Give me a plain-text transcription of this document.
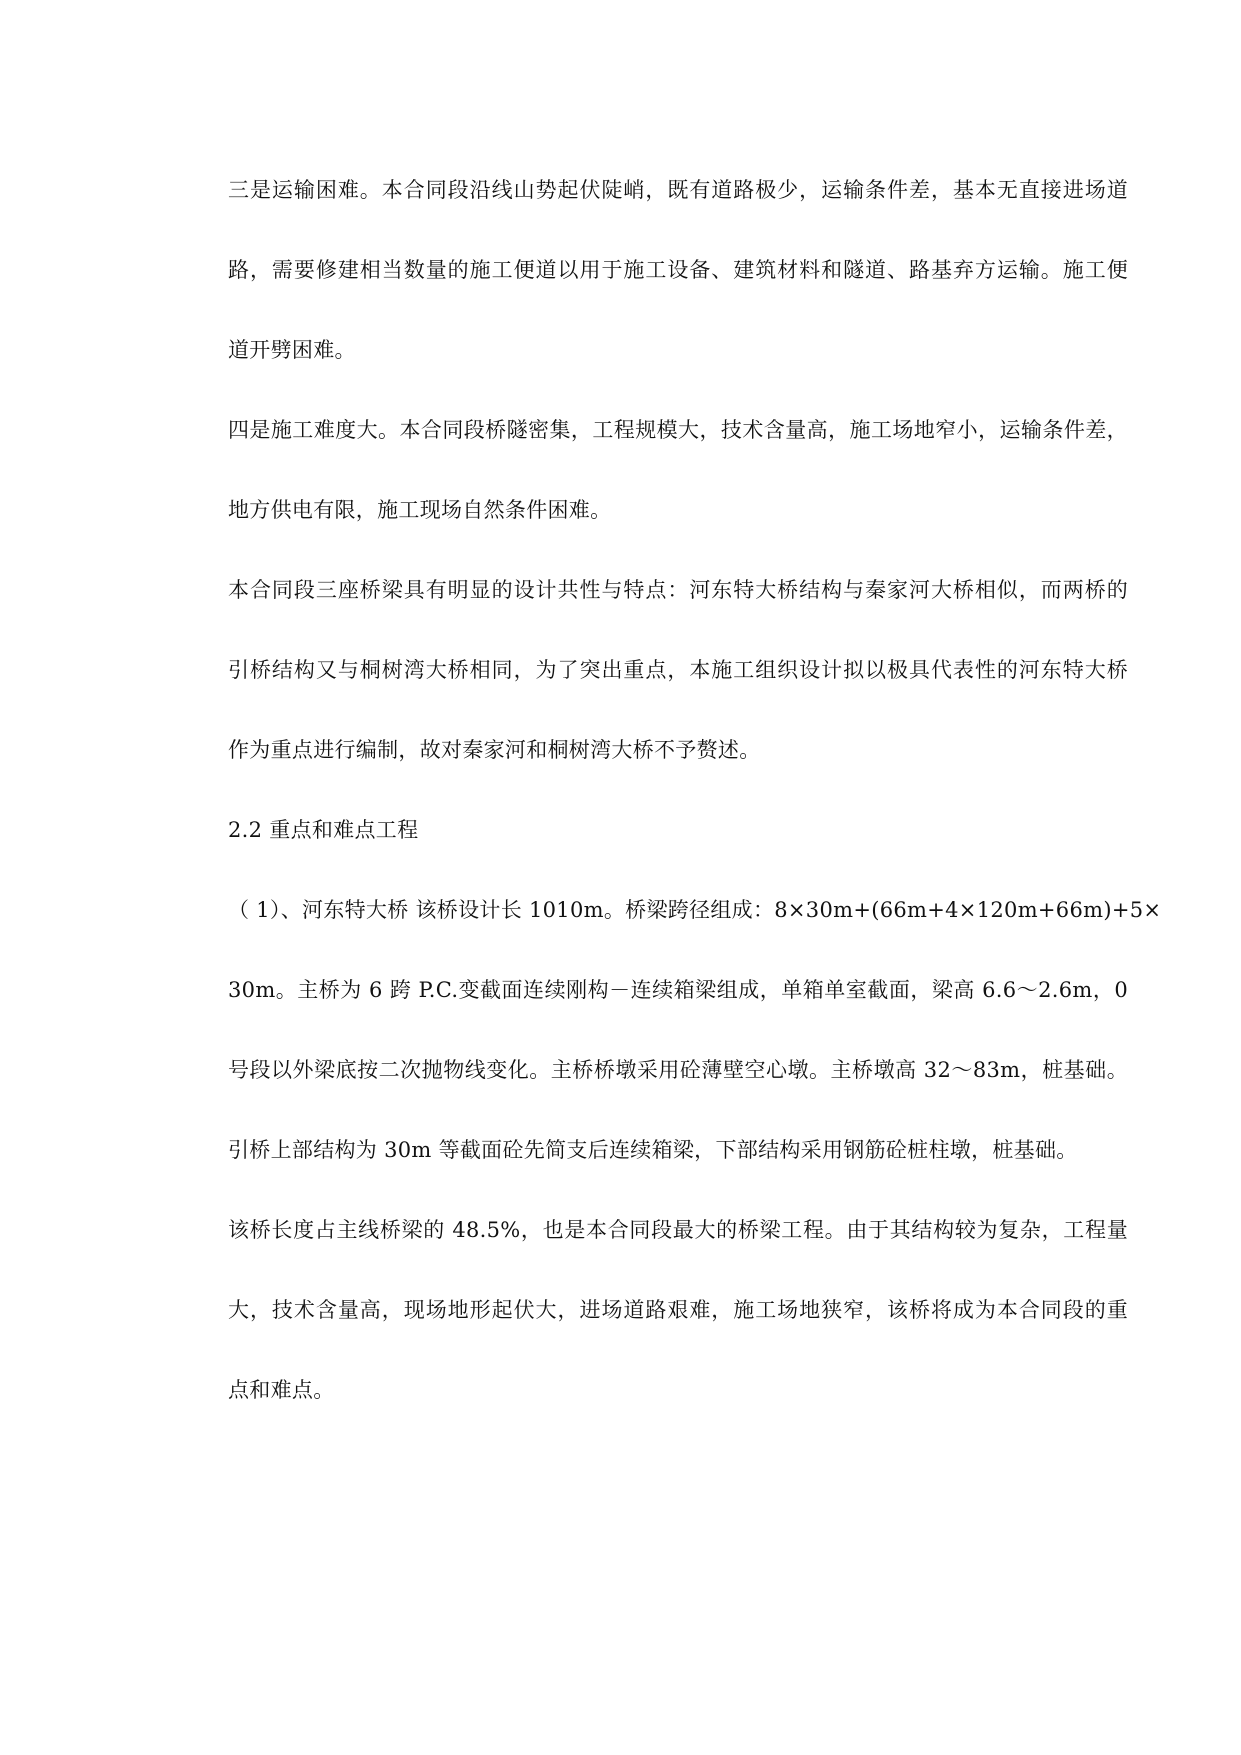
三是运输困难。本合同段沿线山势起伏陡峭，既有道路极少，运输条件差，基本无直接进场道
路，需要修建相当数量的施工便道以用于施工设备、建筑材料和隧道、路基弃方运输。施工便
道开劈困难。
四是施工难度大。本合同段桥隧密集，工程规模大，技术含量高，施工场地窄小，运输条件差，
地方供电有限，施工现场自然条件困难。
本合同段三座桥梁具有明显的设计共性与特点：河东特大桥结构与秦家河大桥相似，而两桥的
引桥结构又与桐树湾大桥相同，为了突出重点，本施工组织设计拟以极具代表性的河东特大桥
作为重点进行编制，故对秦家河和桐树湾大桥不予赘述。
2.2 重点和难点工程
（ 1）、河东特大桥 该桥设计长 1010m。桥梁跨径组成：8×30m+(66m+4×120m+66m)+5×
30m。主桥为 6 跨 P.C.变截面连续刚构－连续箱梁组成，单箱单室截面，梁高 6.6～2.6m，0
号段以外梁底按二次抛物线变化。主桥桥墩采用砼薄壁空心墩。主桥墩高 32～83m，桩基础。
引桥上部结构为 30m 等截面砼先简支后连续箱梁，下部结构采用钢筋砼桩柱墩，桩基础。
该桥长度占主线桥梁的 48.5%，也是本合同段最大的桥梁工程。由于其结构较为复杂，工程量
大，技术含量高，现场地形起伏大，进场道路艰难，施工场地狭窄，该桥将成为本合同段的重
点和难点。
